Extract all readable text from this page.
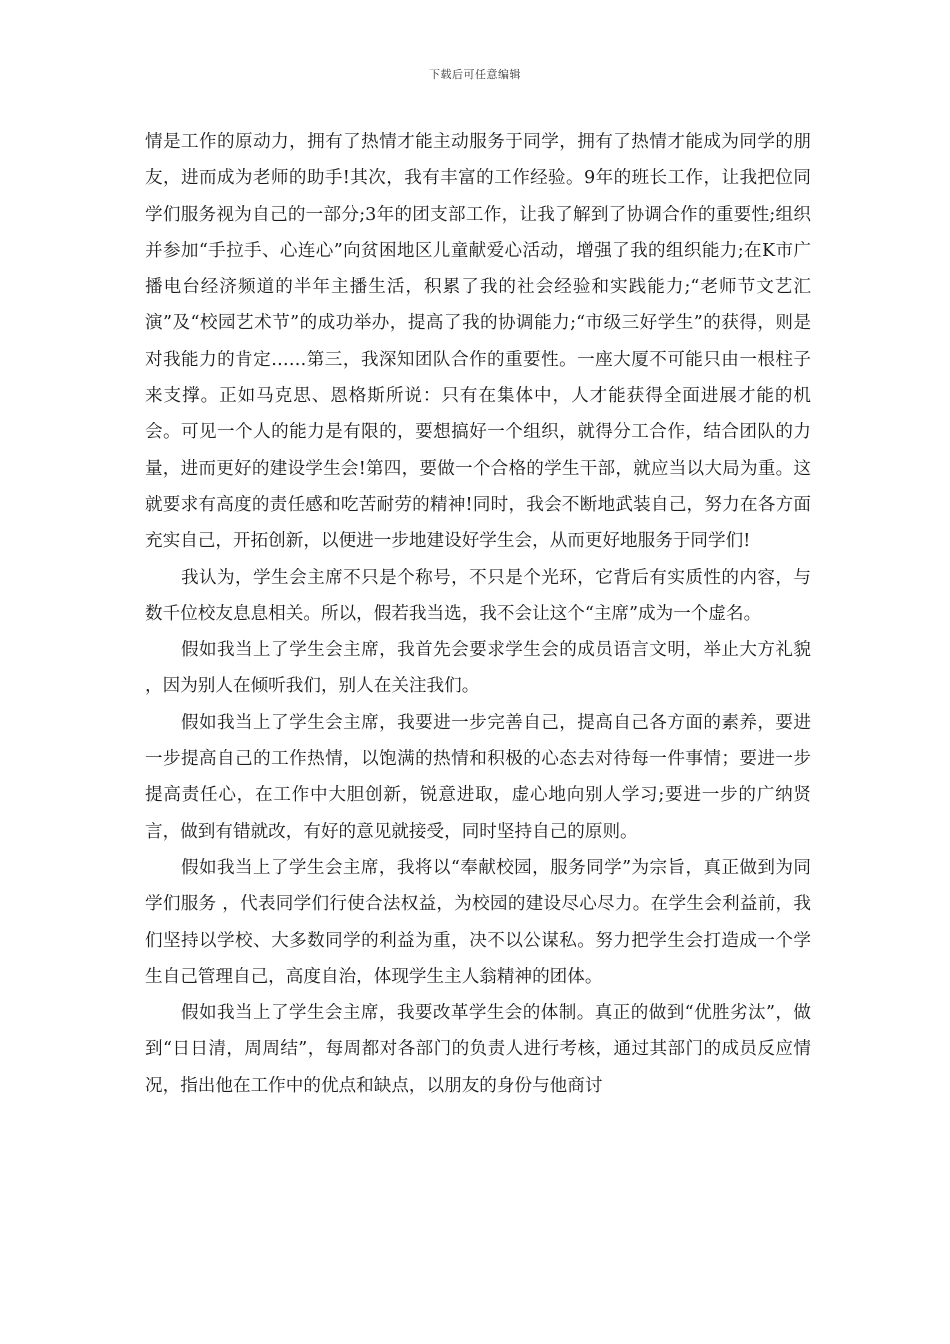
下载后可任意编辑

情是工作的原动力，拥有了热情才能主动服务于同学，拥有了热情才能成为同学的朋友，进而成为老师的助手!其次，我有丰富的工作经验。9年的班长工作，让我把位同学们服务视为自己的一部分;3年的团支部工作，让我了解到了协调合作的重要性;组织并参加“手拉手、心连心”向贫困地区儿童献爱心活动，增强了我的组织能力;在K市广播电台经济频道的半年主播生活，积累了我的社会经验和实践能力;“老师节文艺汇演”及“校园艺术节”的成功举办，提高了我的协调能力;“市级三好学生”的获得，则是对我能力的肯定……第三，我深知团队合作的重要性。一座大厦不可能只由一根柱子来支撑。正如马克思、恩格斯所说：只有在集体中，人才能获得全面进展才能的机会。可见一个人的能力是有限的，要想搞好一个组织，就得分工合作，结合团队的力量，进而更好的建设学生会!第四，要做一个合格的学生干部，就应当以大局为重。这就要求有高度的责任感和吃苦耐劳的精神!同时，我会不断地武装自己，努力在各方面充实自己，开拓创新，以便进一步地建设好学生会，从而更好地服务于同学们!

我认为，学生会主席不只是个称号，不只是个光环，它背后有实质性的内容，与数千位校友息息相关。所以，假若我当选，我不会让这个“主席”成为一个虚名。

假如我当上了学生会主席，我首先会要求学生会的成员语言文明，举止大方礼貌 ，因为别人在倾听我们，别人在关注我们。

假如我当上了学生会主席，我要进一步完善自己，提高自己各方面的素养，要进一步提高自己的工作热情，以饱满的热情和积极的心态去对待每一件事情；要进一步提高责任心，在工作中大胆创新，锐意进取，虚心地向别人学习;要进一步的广纳贤言，做到有错就改，有好的意见就接受，同时坚持自己的原则。

假如我当上了学生会主席，我将以“奉献校园，服务同学”为宗旨，真正做到为同学们服务 ，代表同学们行使合法权益，为校园的建设尽心尽力。在学生会利益前，我们坚持以学校、大多数同学的利益为重，决不以公谋私。努力把学生会打造成一个学生自己管理自己，高度自治，体现学生主人翁精神的团体。

假如我当上了学生会主席，我要改革学生会的体制。真正的做到“优胜劣汰”，做到“日日清，周周结”，每周都对各部门的负责人进行考核，通过其部门的成员反应情况，指出他在工作中的优点和缺点，以朋友的身份与他商讨
